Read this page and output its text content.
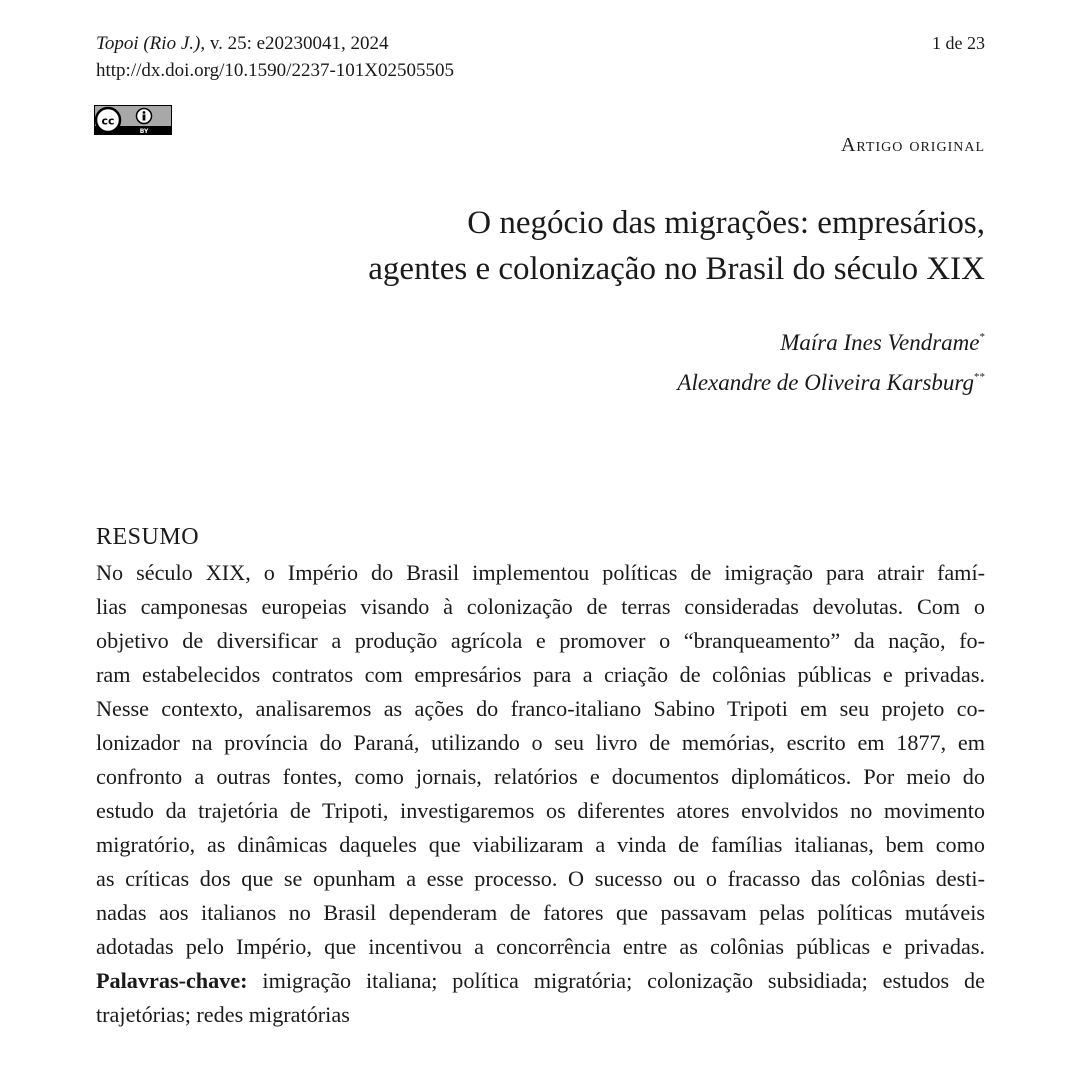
Topoi (Rio J.), v. 25: e20230041, 2024	1 de 23
http://dx.doi.org/10.1590/2237-101X02505505
cc
BY
Artigo original
O negócio das migrações: empresários,
agentes e colonização no Brasil do século XIX
Maíra Ines Vendrame*
Alexandre de Oliveira Karsburg**
RESUMO
No século XIX, o Império do Brasil implementou políticas de imigração para atrair famí-
lias camponesas europeias visando à colonização de terras consideradas devolutas. Com o
objetivo de diversificar a produção agrícola e promover o “branqueamento” da nação, fo-
ram estabelecidos contratos com empresários para a criação de colônias públicas e privadas.
Nesse contexto, analisaremos as ações do franco-italiano Sabino Tripoti em seu projeto co-
lonizador na província do Paraná, utilizando o seu livro de memórias, escrito em 1877, em
confronto a outras fontes, como jornais, relatórios e documentos diplomáticos. Por meio do
estudo da trajetória de Tripoti, investigaremos os diferentes atores envolvidos no movimento
migratório, as dinâmicas daqueles que viabilizaram a vinda de famílias italianas, bem como
as críticas dos que se opunham a esse processo. O sucesso ou o fracasso das colônias desti-
nadas aos italianos no Brasil dependeram de fatores que passavam pelas políticas mutáveis
adotadas pelo Império, que incentivou a concorrência entre as colônias públicas e privadas.
Palavras-chave: imigração italiana; política migratória; colonização subsidiada; estudos de
trajetórias; redes migratórias
